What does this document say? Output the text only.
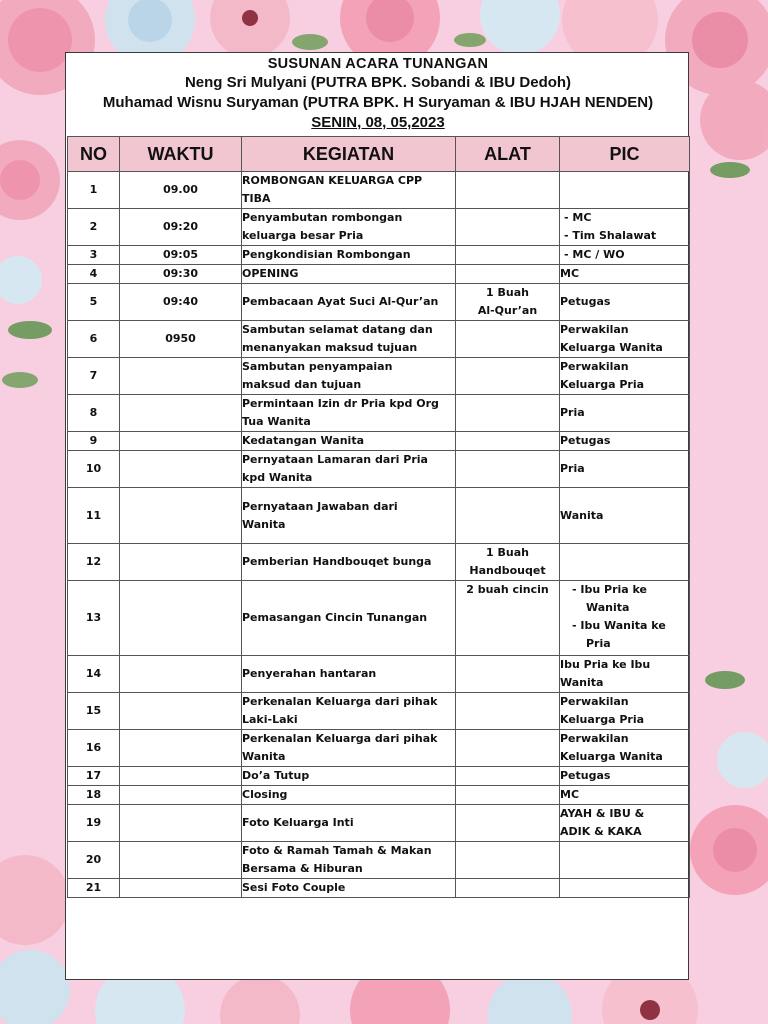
SUSUNAN ACARA TUNANGAN
Neng Sri Mulyani (PUTRA BPK. Sobandi & IBU Dedoh)
Muhamad Wisnu Suryaman (PUTRA BPK. H Suryaman & IBU HJAH NENDEN)
SENIN, 08, 05,2023
NO	WAKTU	KEGIATAN	ALAT	PIC
1	09.00	ROMBONGAN KELUARGA CPP
TIBA		

2	09:20	Penyambutan rombongan
keluarga besar Pria		- MC
- Tim Shalawat

3	09:05	Pengkondisian Rombongan		- MC / WO

4	09:30	OPENING		MC

5	09:40	Pembacaan Ayat Suci Al-Qur’an	1 Buah
Al-Qur’an	Petugas

6	0950	Sambutan selamat datang dan
menanyakan maksud tujuan		Perwakilan
Keluarga Wanita

7		Sambutan penyampaian
maksud dan tujuan		Perwakilan
Keluarga Pria

8		Permintaan Izin dr Pria kpd Org
Tua Wanita		Pria

9		Kedatangan Wanita		Petugas

10		Pernyataan Lamaran dari Pria
kpd Wanita		Pria

11		Pernyataan Jawaban dari
Wanita		Wanita

12		Pemberian Handbouqet bunga	1 Buah
Handbouqet	

13		Pemasangan Cincin Tunangan	2 buah cincin	- Ibu Pria ke
Wanita
- Ibu Wanita ke
Pria

14		Penyerahan hantaran		Ibu Pria ke Ibu
Wanita

15		Perkenalan Keluarga dari pihak
Laki-Laki		Perwakilan
Keluarga Pria

16		Perkenalan Keluarga dari pihak
Wanita		Perwakilan
Keluarga Wanita

17		Do’a Tutup		Petugas

18		Closing		MC

19		Foto Keluarga Inti		AYAH & IBU &
ADIK & KAKA

20		Foto & Ramah Tamah & Makan
Bersama & Hiburan		

21		Sesi Foto Couple		
